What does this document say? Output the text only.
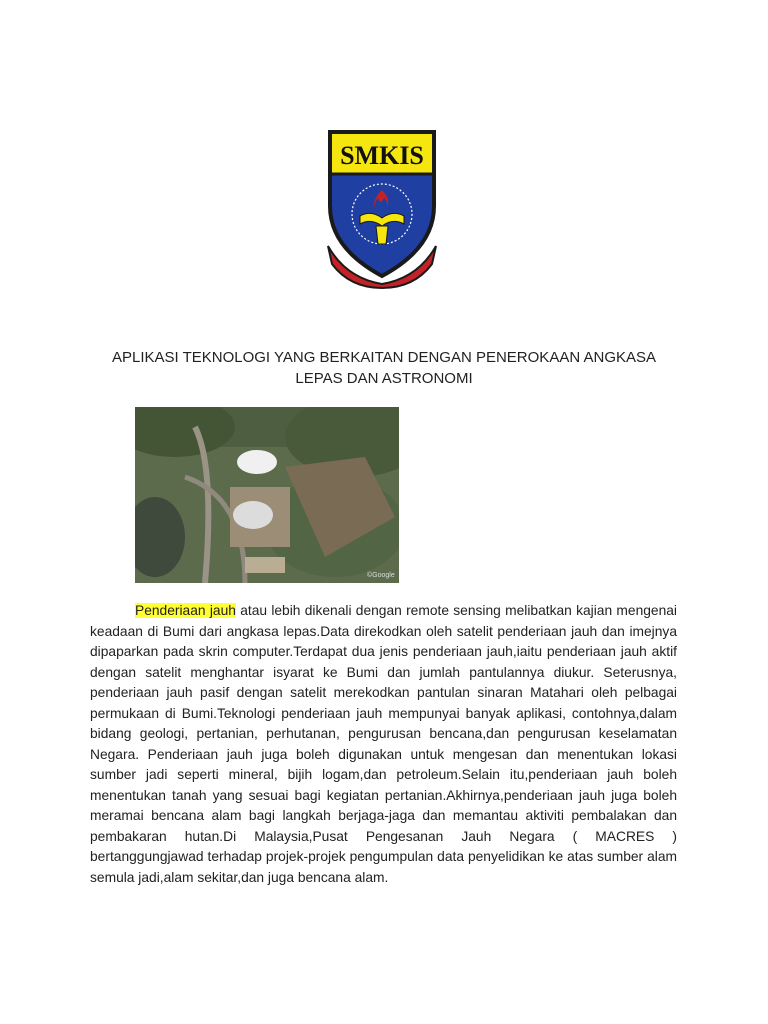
SMKIS
APLIKASI TEKNOLOGI YANG BERKAITAN DENGAN PENEROKAAN ANGKASA
LEPAS DAN ASTRONOMI
©Google

Penderiaan jauh atau lebih dikenali dengan remote sensing melibatkan kajian mengenai keadaan di Bumi dari angkasa lepas.Data direkodkan oleh satelit penderiaan jauh dan imejnya dipaparkan pada skrin computer.Terdapat dua jenis penderiaan jauh,iaitu penderiaan jauh aktif dengan satelit menghantar isyarat ke Bumi dan jumlah pantulannya diukur. Seterusnya, penderiaan jauh pasif dengan satelit merekodkan pantulan sinaran Matahari oleh pelbagai permukaan di Bumi.Teknologi penderiaan jauh mempunyai banyak aplikasi, contohnya,dalam bidang geologi, pertanian, perhutanan, pengurusan bencana,dan pengurusan keselamatan Negara. Penderiaan jauh juga boleh digunakan untuk mengesan dan menentukan lokasi sumber jadi seperti mineral, bijih logam,dan petroleum.Selain itu,penderiaan jauh boleh menentukan tanah yang sesuai bagi kegiatan pertanian.Akhirnya,penderiaan jauh juga boleh meramai bencana alam bagi langkah berjaga-jaga dan memantau aktiviti pembalakan dan pembakaran hutan.Di Malaysia,Pusat Pengesanan Jauh Negara ( MACRES ) bertanggungjawad terhadap projek-projek pengumpulan data penyelidikan ke atas sumber alam semula jadi,alam sekitar,dan juga bencana alam.
